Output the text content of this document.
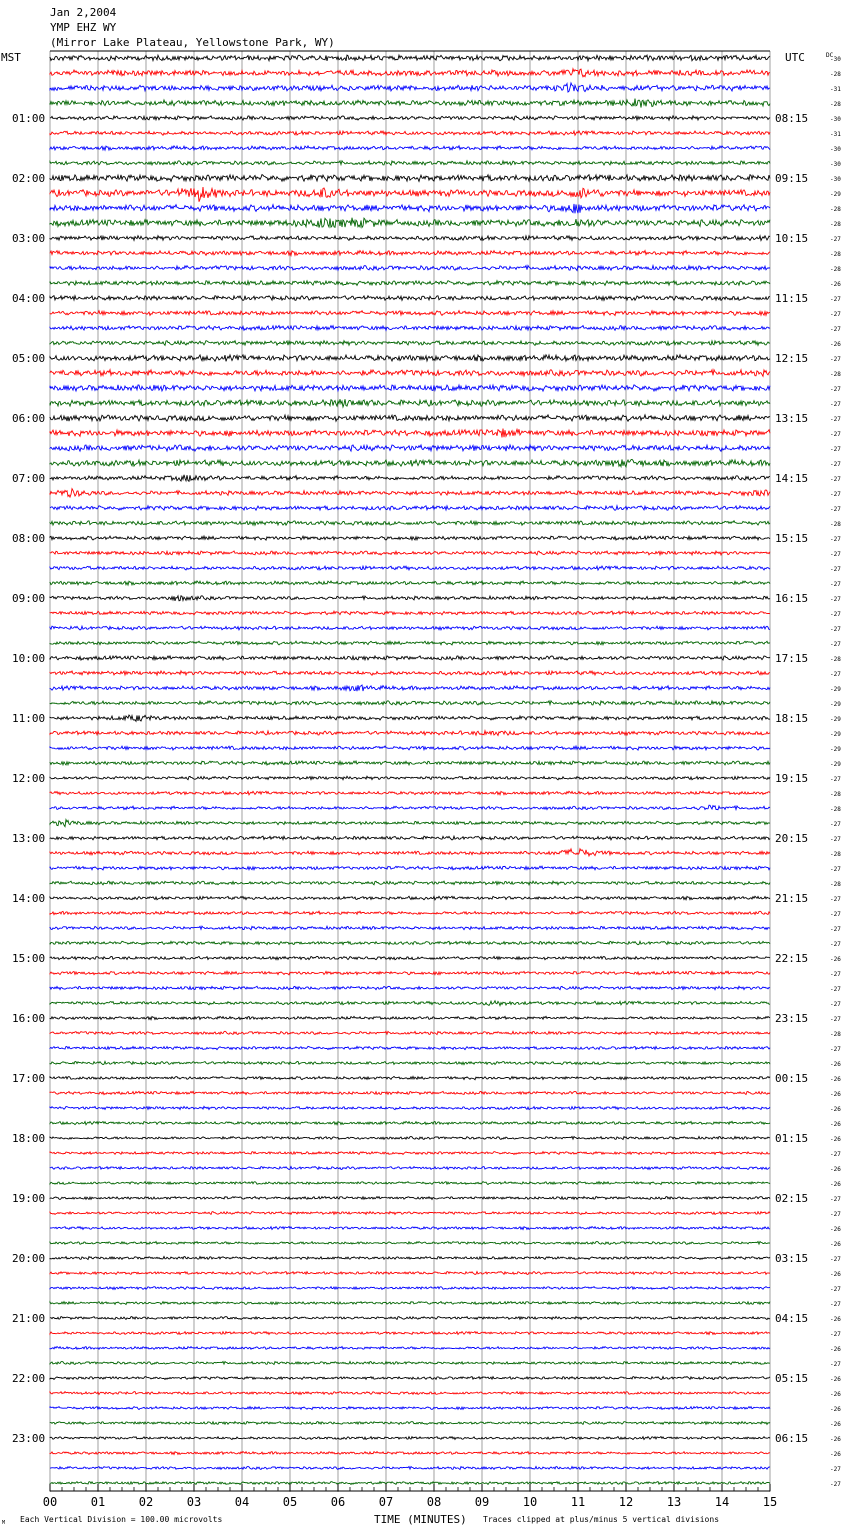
Jan 2,2004
YMP EHZ WY
(Mirror Lake Plateau, Yellowstone Park, WY)
MST	UTC	DC
01:00
02:00
03:00
04:00
05:00
06:00
07:00
08:00
09:00
10:00
11:00
12:00
13:00
14:00
15:00
16:00
17:00
18:00
19:00
20:00
21:00
22:00
23:00
08:15
09:15
10:15
11:15
12:15
13:15
14:15
15:15
16:15
17:15
18:15
19:15
20:15
21:15
22:15
23:15
00:15
01:15
02:15
03:15
04:15
05:15
06:15
-30
-28
-31
-28
-30
-31
-30
-30
-30
-29
-28
-28
-27
-28
-28
-26
-27
-27
-27
-26
-27
-28
-27
-27
-27
-27
-27
-27
-27
-27
-27
-28
-27
-27
-27
-27
-27
-27
-27
-27
-28
-27
-29
-29
-29
-29
-29
-29
-27
-28
-28
-27
-27
-28
-27
-28
-27
-27
-27
-27
-26
-27
-27
-27
-27
-28
-27
-26
-26
-26
-26
-26
-26
-27
-26
-26
-27
-27
-26
-26
-27
-26
-27
-27
-26
-27
-26
-27
-26
-26
-26
-26
-26
-26
-27
-27
00	01	02	03	04	05	06	07	08	09	10	11	12	13	14	15
M Each Vertical Division = 100.00 microvolts	TIME (MINUTES) Traces clipped at plus/minus 5 vertical divisions
